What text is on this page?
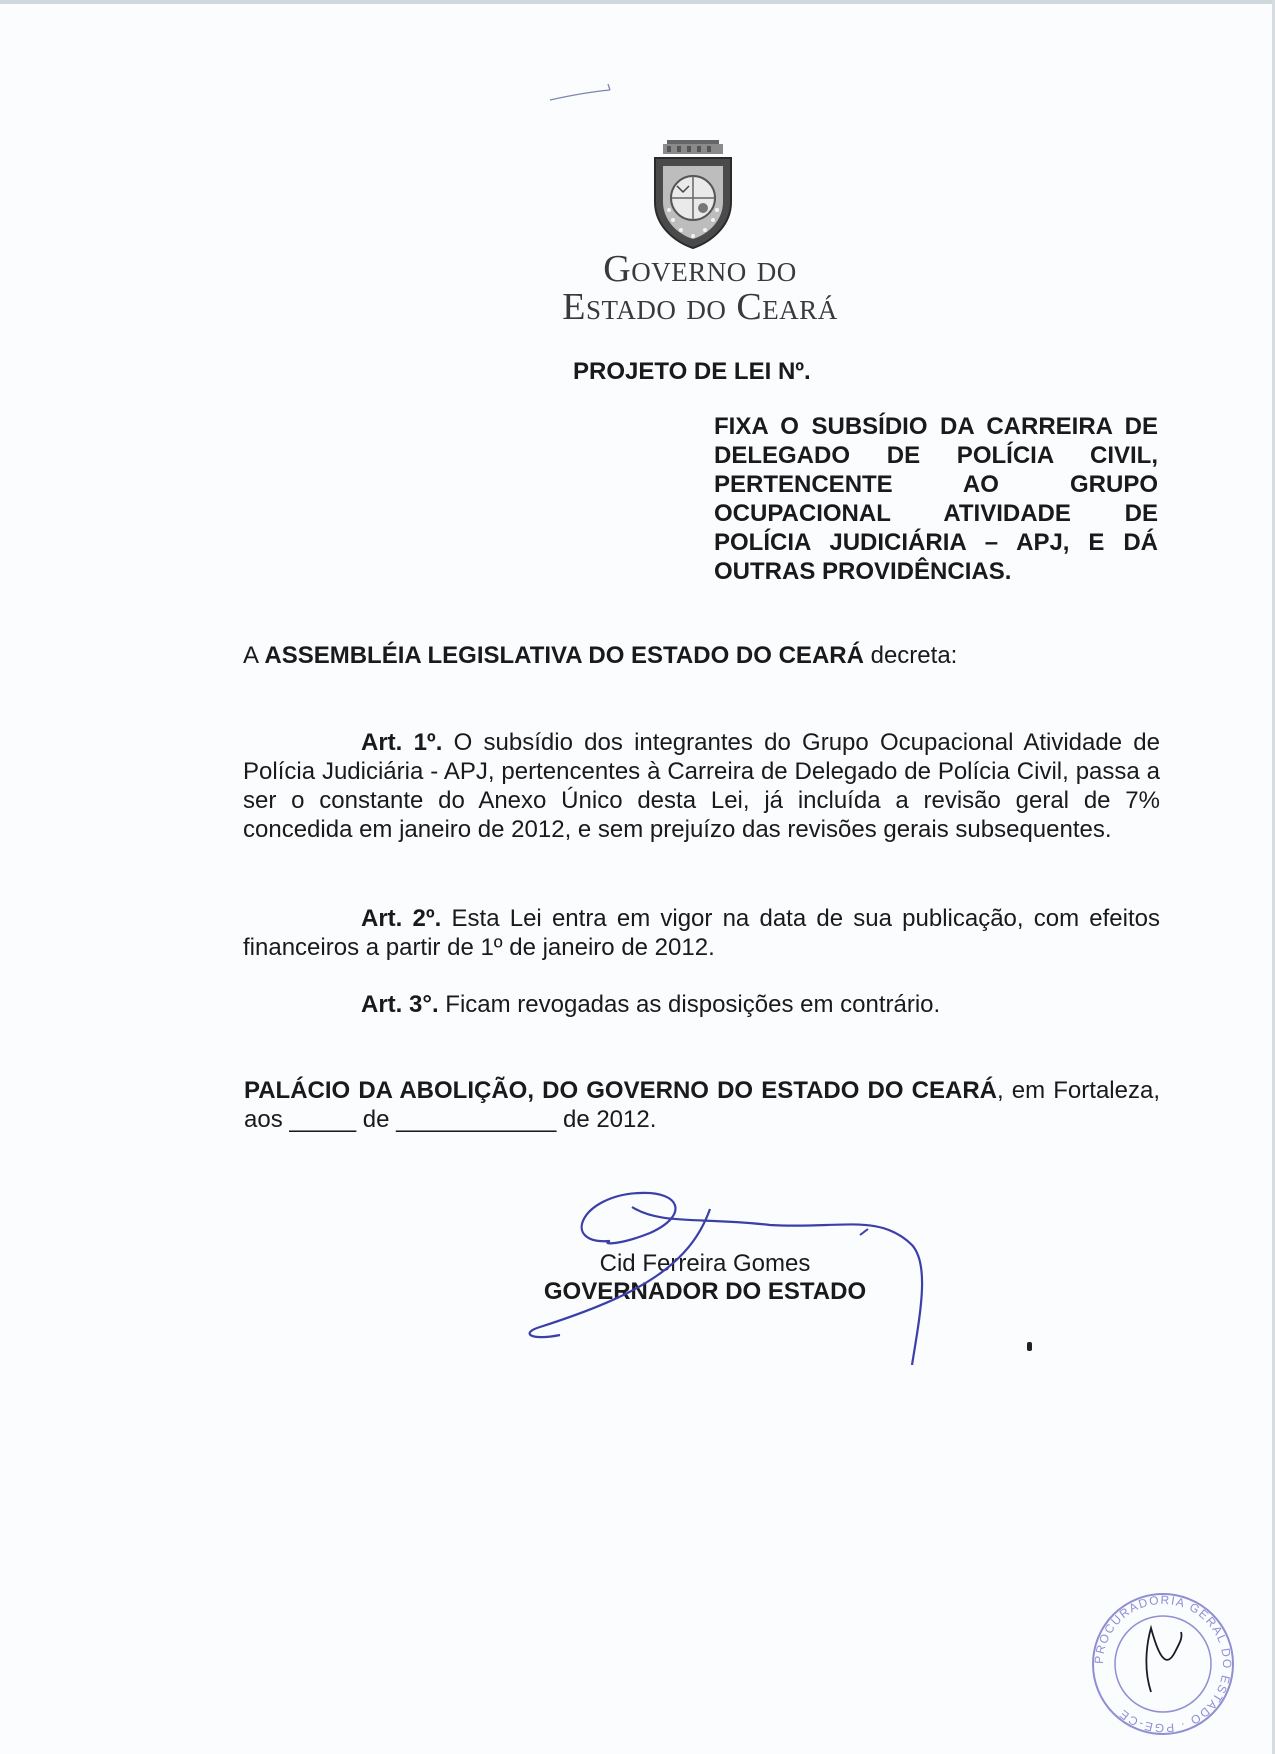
Governo do
Estado do Ceará
PROJETO DE LEI Nº.
FIXA O SUBSÍDIO DA CARREIRA DE DELEGADO DE POLÍCIA CIVIL, PERTENCENTE AO GRUPO OCUPACIONAL ATIVIDADE DE POLÍCIA JUDICIÁRIA – APJ, E DÁ OUTRAS PROVIDÊNCIAS.
A ASSEMBLÉIA LEGISLATIVA DO ESTADO DO CEARÁ decreta:
Art. 1º. O subsídio dos integrantes do Grupo Ocupacional Atividade de Polícia Judiciária - APJ, pertencentes à Carreira de Delegado de Polícia Civil, passa a ser o constante do Anexo Único desta Lei, já incluída a revisão geral de 7% concedida em janeiro de 2012, e sem prejuízo das revisões gerais subsequentes.
Art. 2º. Esta Lei entra em vigor na data de sua publicação, com efeitos financeiros a partir de 1º de janeiro de 2012.
Art. 3°. Ficam revogadas as disposições em contrário.
PALÁCIO DA ABOLIÇÃO, DO GOVERNO DO ESTADO DO CEARÁ, em Fortaleza, aos _____ de ____________ de 2012.
Cid Ferreira Gomes
GOVERNADOR DO ESTADO
PROCURADORIA GERAL DO ESTADO · PGE-CE
